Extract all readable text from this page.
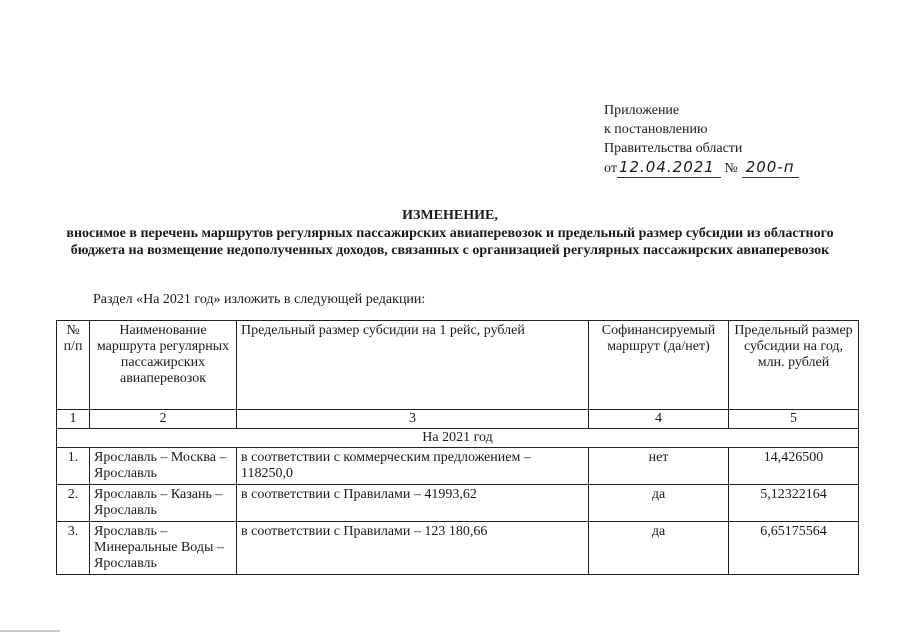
Приложение
к постановлению
Правительства области
от 12.04.2021 № 200-п
ИЗМЕНЕНИЕ,
вносимое в перечень маршрутов регулярных пассажирских авиаперевозок и предельный размер субсидии из областного бюджета на возмещение недополученных доходов, связанных с организацией регулярных пассажирских авиаперевозок
Раздел «На 2021 год» изложить в следующей редакции:
№ п/п	Наименование маршрута регулярных пассажирских авиаперевозок	Предельный размер субсидии на 1 рейс, рублей	Софинансируемый маршрут (да/нет)	Предельный размер субсидии на год, млн. рублей
1	2	3	4	5
На 2021 год				
1.	Ярославль – Москва – Ярославль	в соответствии с коммерческим предложением – 118250,0	нет	14,426500
2.	Ярославль – Казань – Ярославль	в соответствии с Правилами – 41993,62	да	5,12322164
3.	Ярославль – Минеральные Воды – Ярославль	в соответствии с Правилами – 123 180,66	да	6,65175564
